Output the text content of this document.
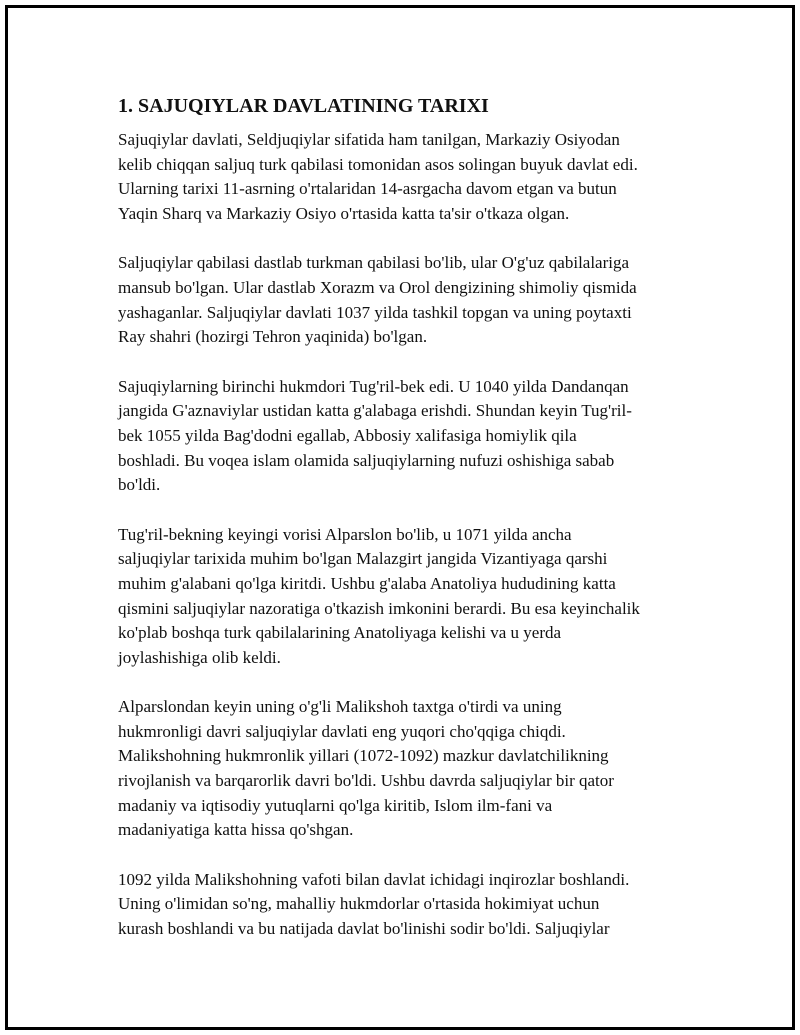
1. SAJUQIYLAR DAVLATINING TARIXI

Sajuqiylar davlati, Seldjuqiylar sifatida ham tanilgan, Markaziy Osiyodan
kelib chiqqan saljuq turk qabilasi tomonidan asos solingan buyuk davlat edi.
Ularning tarixi 11-asrning o'rtalaridan 14-asrgacha davom etgan va butun
Yaqin Sharq va Markaziy Osiyo o'rtasida katta ta'sir o'tkaza olgan.

Saljuqiylar qabilasi dastlab turkman qabilasi bo'lib, ular O'g'uz qabilalariga
mansub bo'lgan. Ular dastlab Xorazm va Orol dengizining shimoliy qismida
yashaganlar. Saljuqiylar davlati 1037 yilda tashkil topgan va uning poytaxti
Ray shahri (hozirgi Tehron yaqinida) bo'lgan.

Sajuqiylarning birinchi hukmdori Tug'ril-bek edi. U 1040 yilda Dandanqan
jangida G'aznaviylar ustidan katta g'alabaga erishdi. Shundan keyin Tug'ril-
bek 1055 yilda Bag'dodni egallab, Abbosiy xalifasiga homiylik qila
boshladi. Bu voqea islam olamida saljuqiylarning nufuzi oshishiga sabab
bo'ldi.

Tug'ril-bekning keyingi vorisi Alparslon bo'lib, u 1071 yilda ancha
saljuqiylar tarixida muhim bo'lgan Malazgirt jangida Vizantiyaga qarshi
muhim g'alabani qo'lga kiritdi. Ushbu g'alaba Anatoliya hududining katta
qismini saljuqiylar nazoratiga o'tkazish imkonini berardi. Bu esa keyinchalik
ko'plab boshqa turk qabilalarining Anatoliyaga kelishi va u yerda
joylashishiga olib keldi.

Alparslondan keyin uning o'g'li Malikshoh taxtga o'tirdi va uning
hukmronligi davri saljuqiylar davlati eng yuqori cho'qqiga chiqdi.
Malikshohning hukmronlik yillari (1072-1092) mazkur davlatchilikning
rivojlanish va barqarorlik davri bo'ldi. Ushbu davrda saljuqiylar bir qator
madaniy va iqtisodiy yutuqlarni qo'lga kiritib, Islom ilm-fani va
madaniyatiga katta hissa qo'shgan.

1092 yilda Malikshohning vafoti bilan davlat ichidagi inqirozlar boshlandi.
Uning o'limidan so'ng, mahalliy hukmdorlar o'rtasida hokimiyat uchun
kurash boshlandi va bu natijada davlat bo'linishi sodir bo'ldi. Saljuqiylar
